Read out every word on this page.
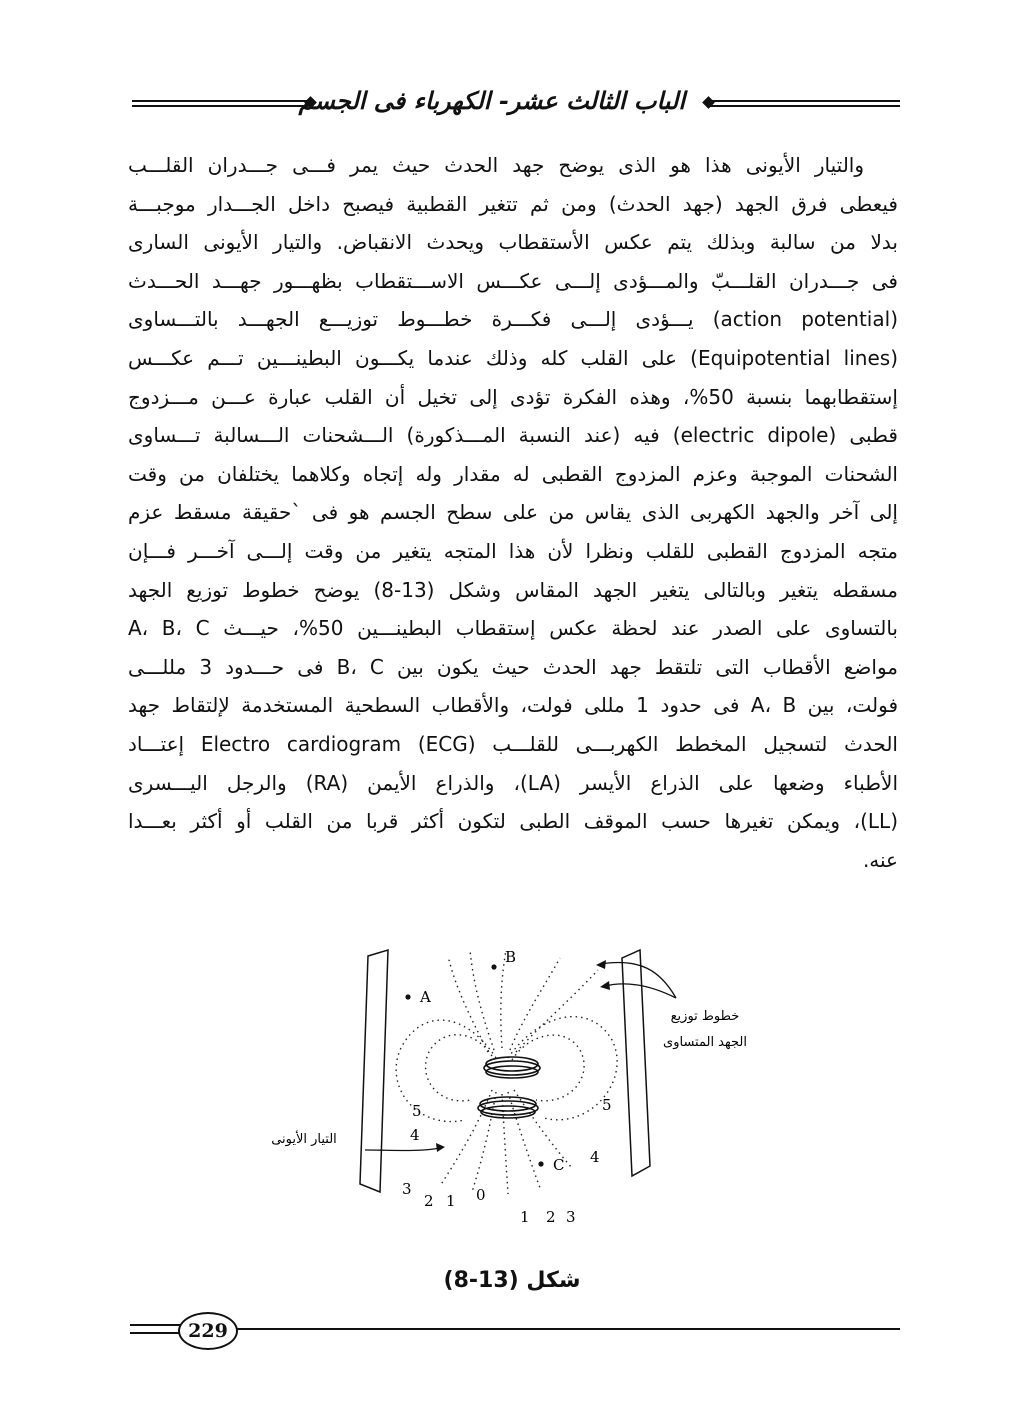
الباب الثالث عشر- الكهرباء فى الجسم
والتيار الأيونى هذا هو الذى يوضح جهد الحدث حيث يمر فـــى جـــدران القلـــب
فيعطى فرق الجهد (جهد الحدث) ومن ثم تتغير القطبية فيصبح داخل الجـــدار موجبـــة
بدلا من سالبة وبذلك يتم عكس الأستقطاب ويحدث الانقباض. والتيار الأيونى السارى
فى جـــدران القلـــبّ والمـــؤدى إلـــى عكـــس الاســـتقطاب بظهـــور جهـــد الحـــدث
(action potential) يـــؤدى إلـــى فكـــرة خطـــوط توزيـــع الجهـــد بالتـــساوى
(Equipotential lines) على القلب كله وذلك عندما يكـــون البطينـــين تـــم عكـــس
إستقطابهما بنسبة 50%، وهذه الفكرة تؤدى إلى تخيل أن القلب عبارة عـــن مـــزدوج
قطبى (electric dipole) فيه (عند النسبة المـــذكورة) الـــشحنات الـــسالبة تـــساوى
الشحنات الموجبة وعزم المزدوج القطبى له مقدار وله إتجاه وكلاهما يختلفان من وقت
إلى آخر والجهد الكهربى الذى يقاس من على سطح الجسم هو فى `حقيقة مسقط عزم
متجه المزدوج القطبى للقلب ونظرا لأن هذا المتجه يتغير من وقت إلـــى آخـــر فـــإن
مسقطه يتغير وبالتالى يتغير الجهد المقاس وشكل (13-8) يوضح خطوط توزيع الجهد
بالتساوى على الصدر عند لحظة عكس إستقطاب البطينـــين 50%، حيـــث A، B، C
مواضع الأقطاب التى تلتقط جهد الحدث حيث يكون بين B، C فى حـــدود 3 مللـــى
فولت، بين A، B فى حدود 1 مللى فولت، والأقطاب السطحية المستخدمة لإلتقاط جهد
الحدث لتسجيل المخطط الكهربـــى للقلـــب (Electro cardiogram (ECG إعتـــاد
الأطباء وضعها على الذراع الأيسر (LA)، والذراع الأيمن (RA) والرجل اليـــسرى
(LL)، ويمكن تغيرها حسب الموقف الطبى لتكون أكثر قربا من القلب أو أكثر بعـــدا
عنه.
A
B
C
5
4
3
2 1 0
5
4
1 2 3
خطوط توزيع
الجهد المتساوى
التيار الأيونى
شكل (13-8)
229
